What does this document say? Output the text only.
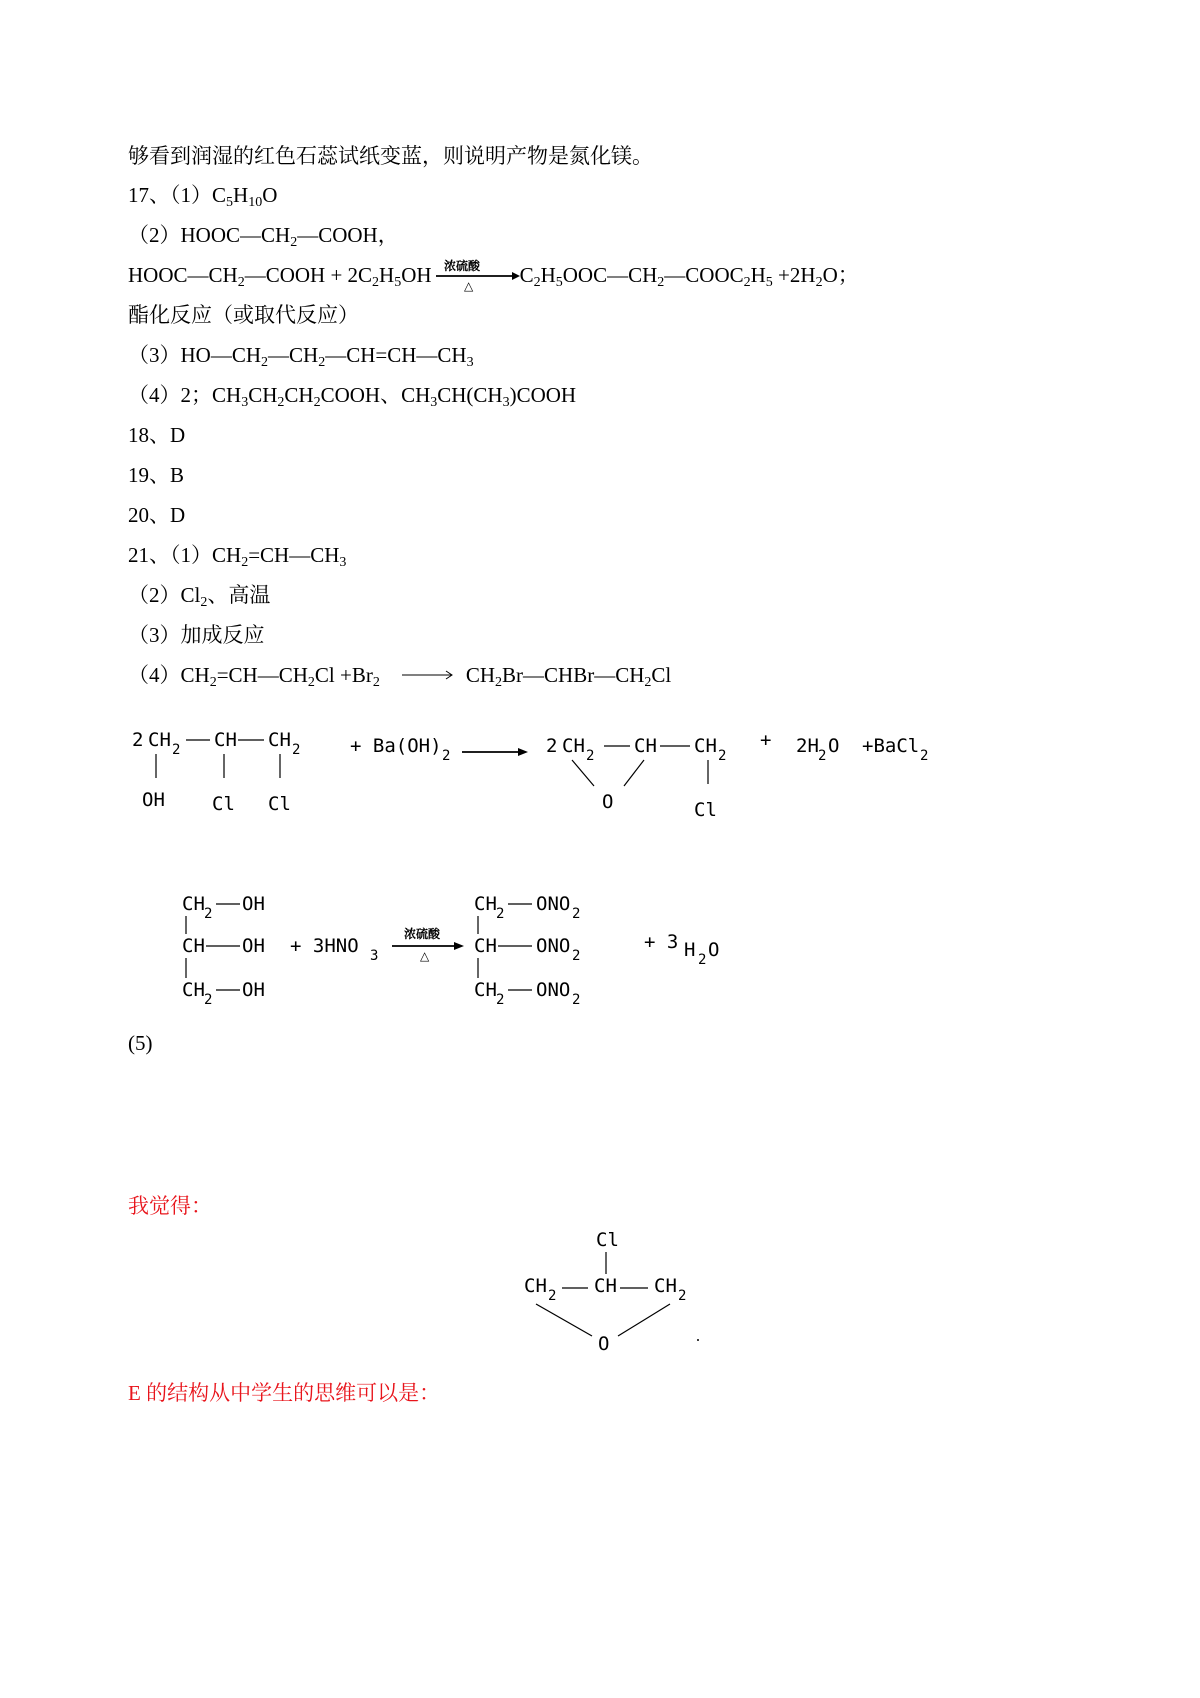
够看到润湿的红色石蕊试纸变蓝，则说明产物是氮化镁。
17、$(1)C_5H_{10}O$
$(2)HOOC—CH_2—COOH$，
$HOOC—CH_2—COOH + 2C_2H_5OH$ 浓硫酸
△ $C_2H_5OOC—CH_2—COOC_2H_5 +2H_2O$；
酯化反应（或取代反应）
$(3)HO—CH_2—CH_2—CH=CH—CH_3$
（4）2；$CH_3CH_2CH_2COOH$、$CH_3CH(CH_3)COOH$
18、D
19、B
20、D
21、$(1)CH_2=CH—CH_3$
$(2)Cl_2$、高温
（3）加成反应
$(4)CH_2=CH—CH_2Cl +Br_2$	$CH_2Br—CHBr—CH_2Cl$
2 CH 2 CH CH 2
OH Cl Cl
+ Ba(OH) 2	2 CH 2 CH CH 2
O	Cl
+ 2H 2 O +BaCl 2
CH 2 OH
CH OH
CH 2 OH
+ 3HNO 3
浓硫酸
△
CH 2 ONO 2
CH ONO 2
CH 2 ONO 2
+ 3 H 2 O
(5)
我觉得：
Cl
CH 2 CH CH 2
O
E 的结构从中学生的思维可以是：
